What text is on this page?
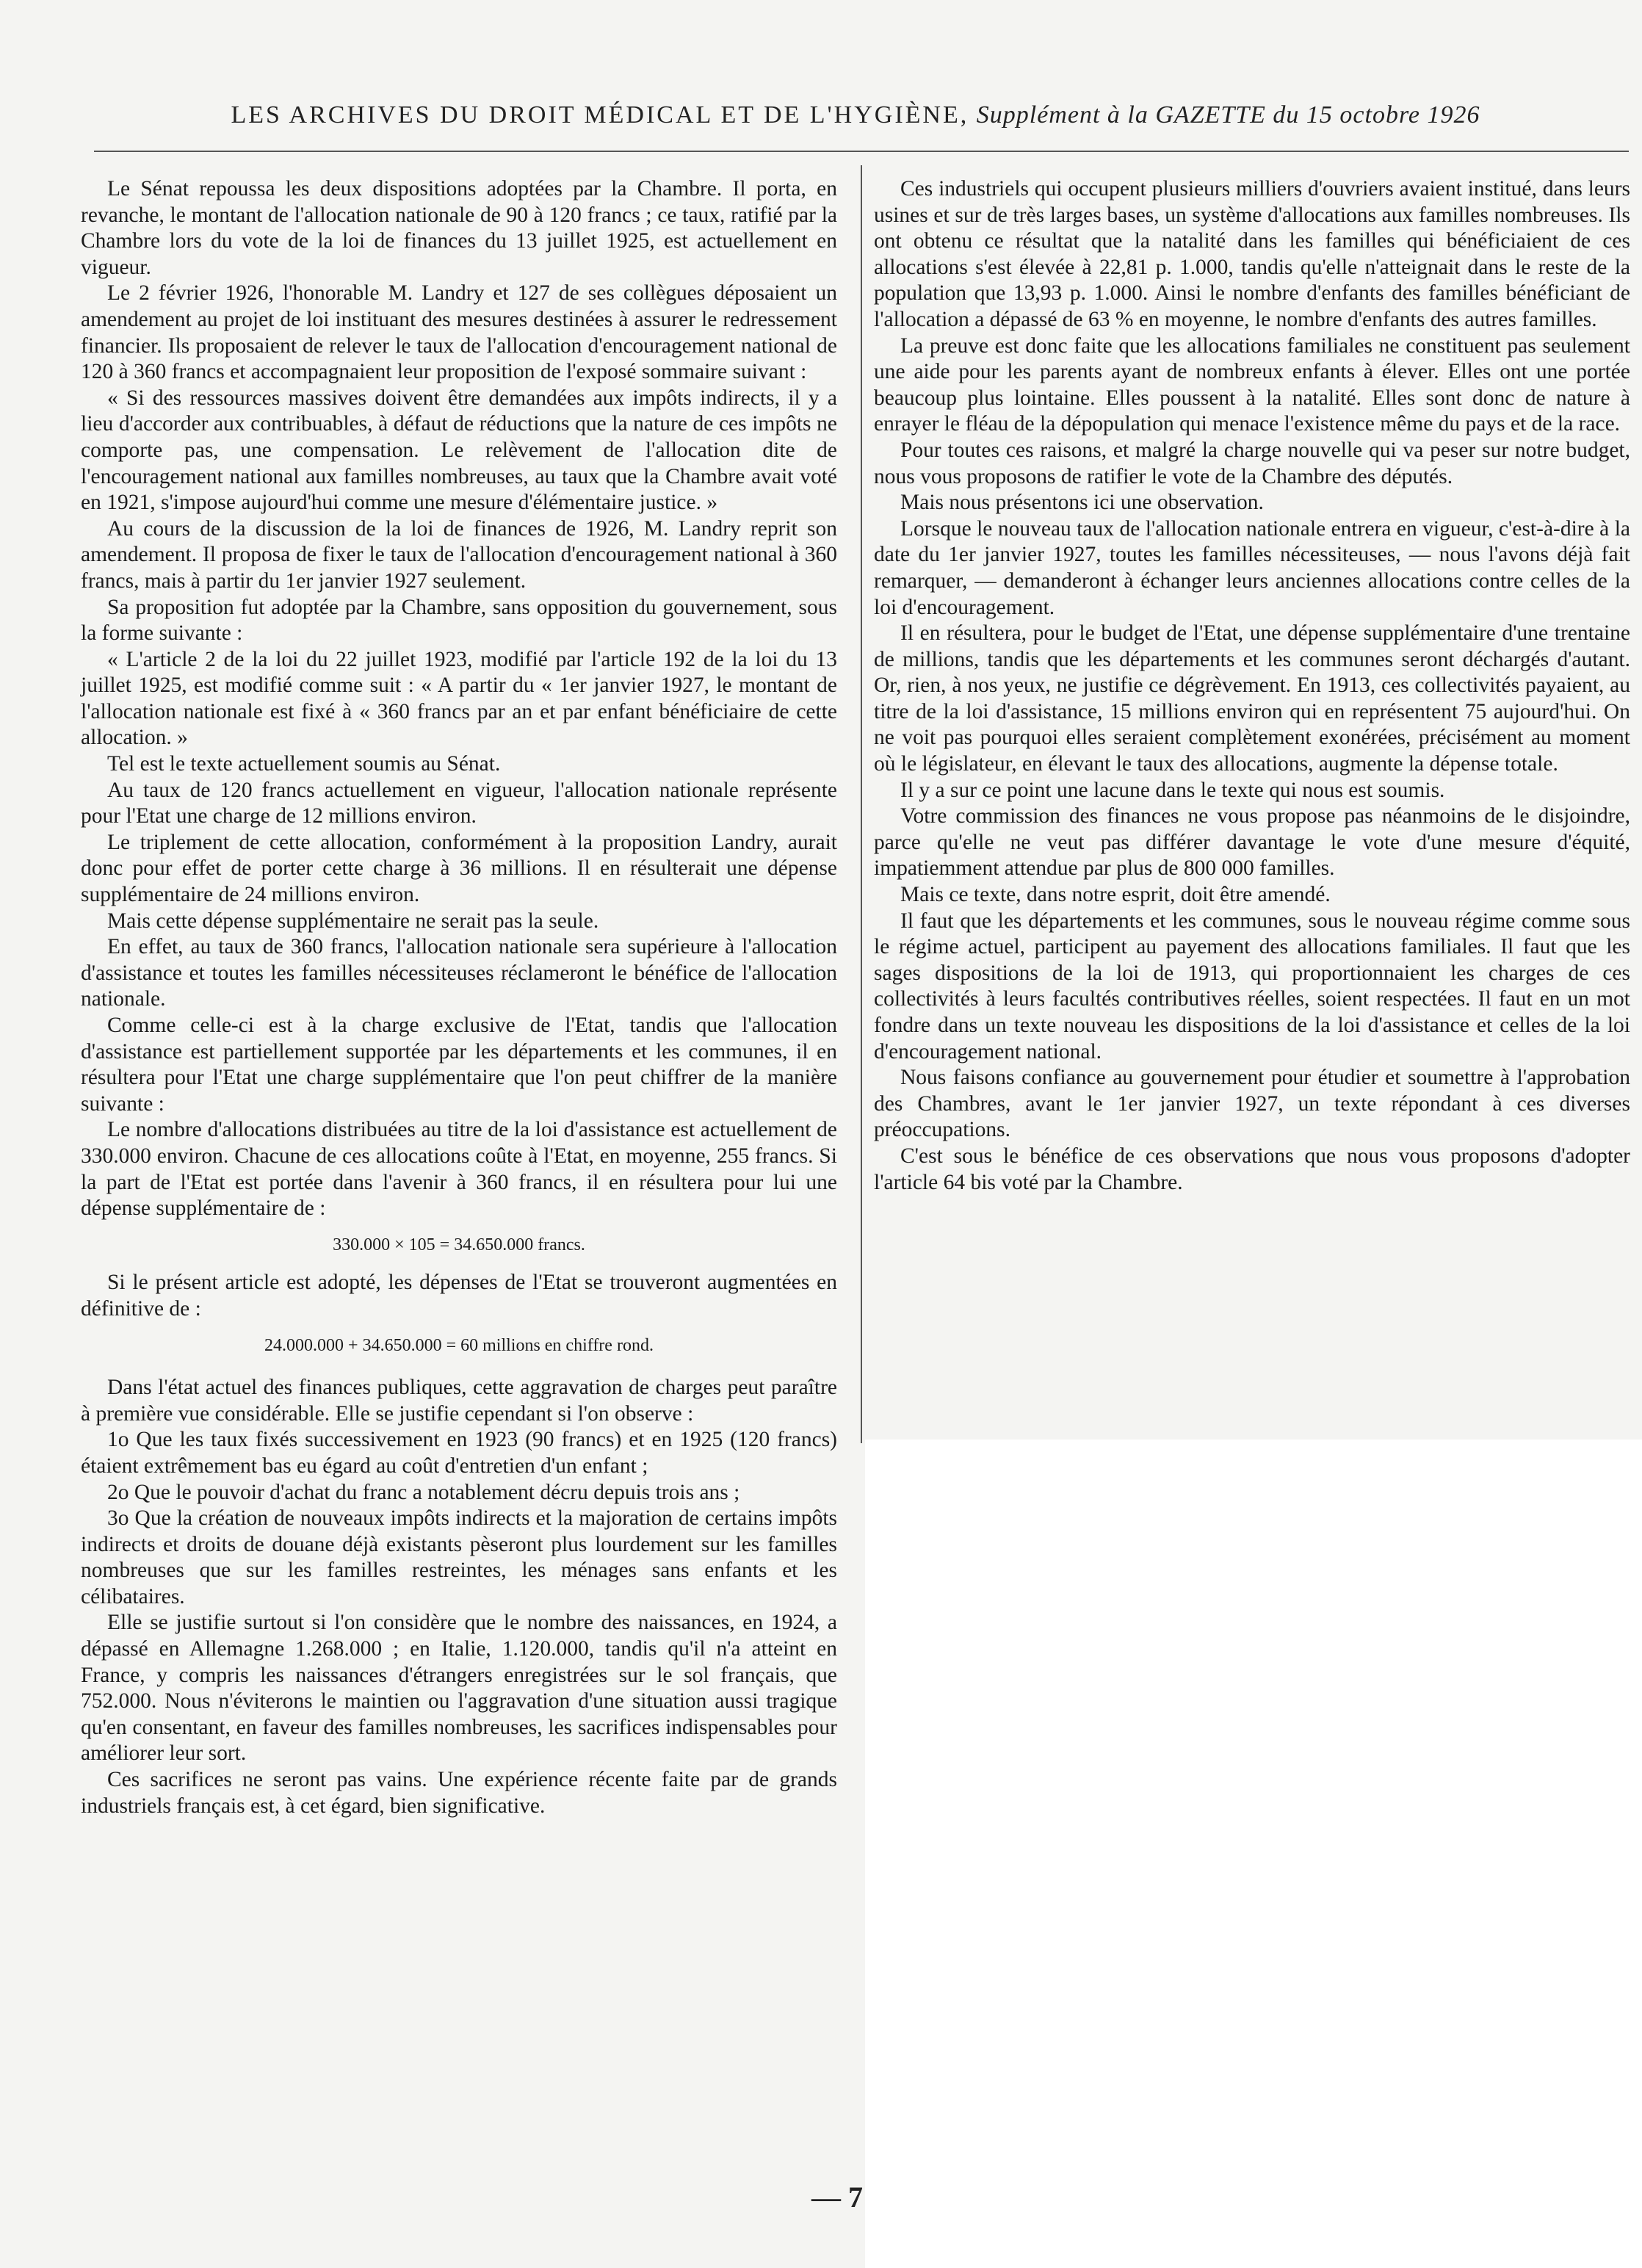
LES ARCHIVES DU DROIT MÉDICAL ET DE L'HYGIÈNE, Supplément à la GAZETTE du 15 octobre 1926

Le Sénat repoussa les deux dispositions adoptées par la Chambre. Il porta, en revanche, le montant de l'allocation nationale de 90 à 120 francs ; ce taux, ratifié par la Chambre lors du vote de la loi de finances du 13 juillet 1925, est actuellement en vigueur.

Le 2 février 1926, l'honorable M. Landry et 127 de ses collègues déposaient un amendement au projet de loi instituant des mesures destinées à assurer le redressement financier. Ils proposaient de relever le taux de l'allocation d'encouragement national de 120 à 360 francs et accompagnaient leur proposition de l'exposé sommaire suivant :

« Si des ressources massives doivent être demandées aux impôts indirects, il y a lieu d'accorder aux contribuables, à défaut de réductions que la nature de ces impôts ne comporte pas, une compensation. Le relèvement de l'allocation dite de l'encouragement national aux familles nombreuses, au taux que la Chambre avait voté en 1921, s'impose aujourd'hui comme une mesure d'élémentaire justice. »

Au cours de la discussion de la loi de finances de 1926, M. Landry reprit son amendement. Il proposa de fixer le taux de l'allocation d'encouragement national à 360 francs, mais à partir du 1er janvier 1927 seulement.

Sa proposition fut adoptée par la Chambre, sans opposition du gouvernement, sous la forme suivante :

« L'article 2 de la loi du 22 juillet 1923, modifié par l'article 192 de la loi du 13 juillet 1925, est modifié comme suit : « A partir du « 1er janvier 1927, le montant de l'allocation nationale est fixé à « 360 francs par an et par enfant bénéficiaire de cette allocation. »

Tel est le texte actuellement soumis au Sénat.

Au taux de 120 francs actuellement en vigueur, l'allocation nationale représente pour l'Etat une charge de 12 millions environ.

Le triplement de cette allocation, conformément à la proposition Landry, aurait donc pour effet de porter cette charge à 36 millions. Il en résulterait une dépense supplémentaire de 24 millions environ.

Mais cette dépense supplémentaire ne serait pas la seule.

En effet, au taux de 360 francs, l'allocation nationale sera supérieure à l'allocation d'assistance et toutes les familles nécessiteuses réclameront le bénéfice de l'allocation nationale.

Comme celle-ci est à la charge exclusive de l'Etat, tandis que l'allocation d'assistance est partiellement supportée par les départements et les communes, il en résultera pour l'Etat une charge supplémentaire que l'on peut chiffrer de la manière suivante :

Le nombre d'allocations distribuées au titre de la loi d'assistance est actuellement de 330.000 environ. Chacune de ces allocations coûte à l'Etat, en moyenne, 255 francs. Si la part de l'Etat est portée dans l'avenir à 360 francs, il en résultera pour lui une dépense supplémentaire de :

330.000 × 105 = 34.650.000 francs.

Si le présent article est adopté, les dépenses de l'Etat se trouveront augmentées en définitive de :

24.000.000 + 34.650.000 = 60 millions en chiffre rond.

Dans l'état actuel des finances publiques, cette aggravation de charges peut paraître à première vue considérable. Elle se justifie cependant si l'on observe :

1o Que les taux fixés successivement en 1923 (90 francs) et en 1925 (120 francs) étaient extrêmement bas eu égard au coût d'entretien d'un enfant ;

2o Que le pouvoir d'achat du franc a notablement décru depuis trois ans ;

3o Que la création de nouveaux impôts indirects et la majoration de certains impôts indirects et droits de douane déjà existants pèseront plus lourdement sur les familles nombreuses que sur les familles restreintes, les ménages sans enfants et les célibataires.

Elle se justifie surtout si l'on considère que le nombre des naissances, en 1924, a dépassé en Allemagne 1.268.000 ; en Italie, 1.120.000, tandis qu'il n'a atteint en France, y compris les naissances d'étrangers enregistrées sur le sol français, que 752.000. Nous n'éviterons le maintien ou l'aggravation d'une situation aussi tragique qu'en consentant, en faveur des familles nombreuses, les sacrifices indispensables pour améliorer leur sort.

Ces sacrifices ne seront pas vains. Une expérience récente faite par de grands industriels français est, à cet égard, bien significative.

Ces industriels qui occupent plusieurs milliers d'ouvriers avaient institué, dans leurs usines et sur de très larges bases, un système d'allocations aux familles nombreuses. Ils ont obtenu ce résultat que la natalité dans les familles qui bénéficiaient de ces allocations s'est élevée à 22,81 p. 1.000, tandis qu'elle n'atteignait dans le reste de la population que 13,93 p. 1.000. Ainsi le nombre d'enfants des familles bénéficiant de l'allocation a dépassé de 63 % en moyenne, le nombre d'enfants des autres familles.

La preuve est donc faite que les allocations familiales ne constituent pas seulement une aide pour les parents ayant de nombreux enfants à élever. Elles ont une portée beaucoup plus lointaine. Elles poussent à la natalité. Elles sont donc de nature à enrayer le fléau de la dépopulation qui menace l'existence même du pays et de la race.

Pour toutes ces raisons, et malgré la charge nouvelle qui va peser sur notre budget, nous vous proposons de ratifier le vote de la Chambre des députés.

Mais nous présentons ici une observation.

Lorsque le nouveau taux de l'allocation nationale entrera en vigueur, c'est-à-dire à la date du 1er janvier 1927, toutes les familles nécessiteuses, — nous l'avons déjà fait remarquer, — demanderont à échanger leurs anciennes allocations contre celles de la loi d'encouragement.

Il en résultera, pour le budget de l'Etat, une dépense supplémentaire d'une trentaine de millions, tandis que les départements et les communes seront déchargés d'autant. Or, rien, à nos yeux, ne justifie ce dégrèvement. En 1913, ces collectivités payaient, au titre de la loi d'assistance, 15 millions environ qui en représentent 75 aujourd'hui. On ne voit pas pourquoi elles seraient complètement exonérées, précisément au moment où le législateur, en élevant le taux des allocations, augmente la dépense totale.

Il y a sur ce point une lacune dans le texte qui nous est soumis.

Votre commission des finances ne vous propose pas néanmoins de le disjoindre, parce qu'elle ne veut pas différer davantage le vote d'une mesure d'équité, impatiemment attendue par plus de 800 000 familles.

Mais ce texte, dans notre esprit, doit être amendé.

Il faut que les départements et les communes, sous le nouveau régime comme sous le régime actuel, participent au payement des allocations familiales. Il faut que les sages dispositions de la loi de 1913, qui proportionnaient les charges de ces collectivités à leurs facultés contributives réelles, soient respectées. Il faut en un mot fondre dans un texte nouveau les dispositions de la loi d'assistance et celles de la loi d'encouragement national.

Nous faisons confiance au gouvernement pour étudier et soumettre à l'approbation des Chambres, avant le 1er janvier 1927, un texte répondant à ces diverses préoccupations.

C'est sous le bénéfice de ces observations que nous vous proposons d'adopter l'article 64 bis voté par la Chambre.

— 7
